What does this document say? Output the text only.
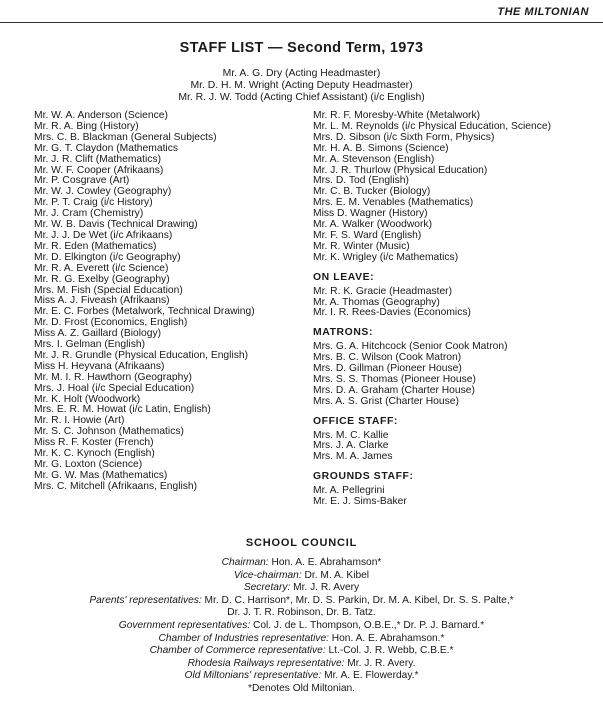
THE MILTONIAN
STAFF LIST — Second Term, 1973
Mr. A. G. Dry (Acting Headmaster)
Mr. D. H. M. Wright (Acting Deputy Headmaster)
Mr. R. J. W. Todd (Acting Chief Assistant) (i/c English)
Mr. W. A. Anderson (Science)
Mr. R. A. Bing (History)
Mrs. C. B. Blackman (General Subjects)
Mr. G. T. Claydon (Mathematics
Mr. J. R. Clift (Mathematics)
Mr. W. F. Cooper (Afrikaans)
Mr. P. Cosgrave (Art)
Mr. W. J. Cowley (Geography)
Mr. P. T. Craig (i/c History)
Mr. J. Cram (Chemistry)
Mr. W. B. Davis (Technical Drawing)
Mr. J. J. De Wet (i/c Afrikaans)
Mr. R. Eden (Mathematics)
Mr. D. Elkington (i/c Geography)
Mr. R. A. Everett (i/c Science)
Mr. R. G. Exelby (Geography)
Mrs. M. Fish (Special Education)
Miss A. J. Fiveash (Afrikaans)
Mr. E. C. Forbes (Metalwork, Technical Drawing)
Mr. D. Frost (Economics, English)
Miss A. Z. Gaillard (Biology)
Mrs. I. Gelman (English)
Mr. J. R. Grundle (Physical Education, English)
Miss H. Heyvana (Afrikaans)
Mr. M. I. R. Hawthorn (Geography)
Mrs. J. Hoal (i/c Special Education)
Mr. K. Holt (Woodwork)
Mrs. E. R. M. Howat (i/c Latin, English)
Mr. R. I. Howie (Art)
Mr. S. C. Johnson (Mathematics)
Miss R. F. Koster (French)
Mr. K. C. Kynoch (English)
Mr. G. Loxton (Science)
Mr. G. W. Mas (Mathematics)
Mrs. C. Mitchell (Afrikaans, English)
Mr. R. F. Moresby-White (Metalwork)
Mr. L. M. Reynolds (i/c Physical Education, Science)
Mrs. D. Sibson (i/c Sixth Form, Physics)
Mr. H. A. B. Simons (Science)
Mr. A. Stevenson (English)
Mr. J. R. Thurlow (Physical Education)
Mrs. D. Tod (English)
Mr. C. B. Tucker (Biology)
Mrs. E. M. Venables (Mathematics)
Miss D. Wagner (History)
Mr. A. Walker (Woodwork)
Mr. F. S. Ward (English)
Mr. R. Winter (Music)
Mr. K. Wrigley (i/c Mathematics)
ON LEAVE:
Mr. R. K. Gracie (Headmaster)
Mr. A. Thomas (Geography)
Mr. I. R. Rees-Davies (Economics)
MATRONS:
Mrs. G. A. Hitchcock (Senior Cook Matron)
Mrs. B. C. Wilson (Cook Matron)
Mrs. D. Gillman (Pioneer House)
Mrs. S. S. Thomas (Pioneer House)
Mrs. D. A. Graham (Charter House)
Mrs. A. S. Grist (Charter House)
OFFICE STAFF:
Mrs. M. C. Kallie
Mrs. J. A. Clarke
Mrs. M. A. James
GROUNDS STAFF:
Mr. A. Pellegrini
Mr. E. J. Sims-Baker
SCHOOL COUNCIL
Chairman: Hon. A. E. Abrahamson*
Vice-chairman: Dr. M. A. Kibel
Secretary: Mr. J. R. Avery
Parents' representatives: Mr. D. C. Harrison*, Mr. D. S. Parkin, Dr. M. A. Kibel, Dr. S. S. Palte,*
Dr. J. T. R. Robinson, Dr. B. Tatz.
Government representatives: Col. J. de L. Thompson, O.B.E.,* Dr. P. J. Barnard.*
Chamber of Industries representative: Hon. A. E. Abrahamson.*
Chamber of Commerce representative: Lt.-Col. J. R. Webb, C.B.E.*
Rhodesia Railways representative: Mr. J. R. Avery.
Old Miltonians' representative: Mr. A. E. Flowerday.*
*Denotes Old Miltonian.
